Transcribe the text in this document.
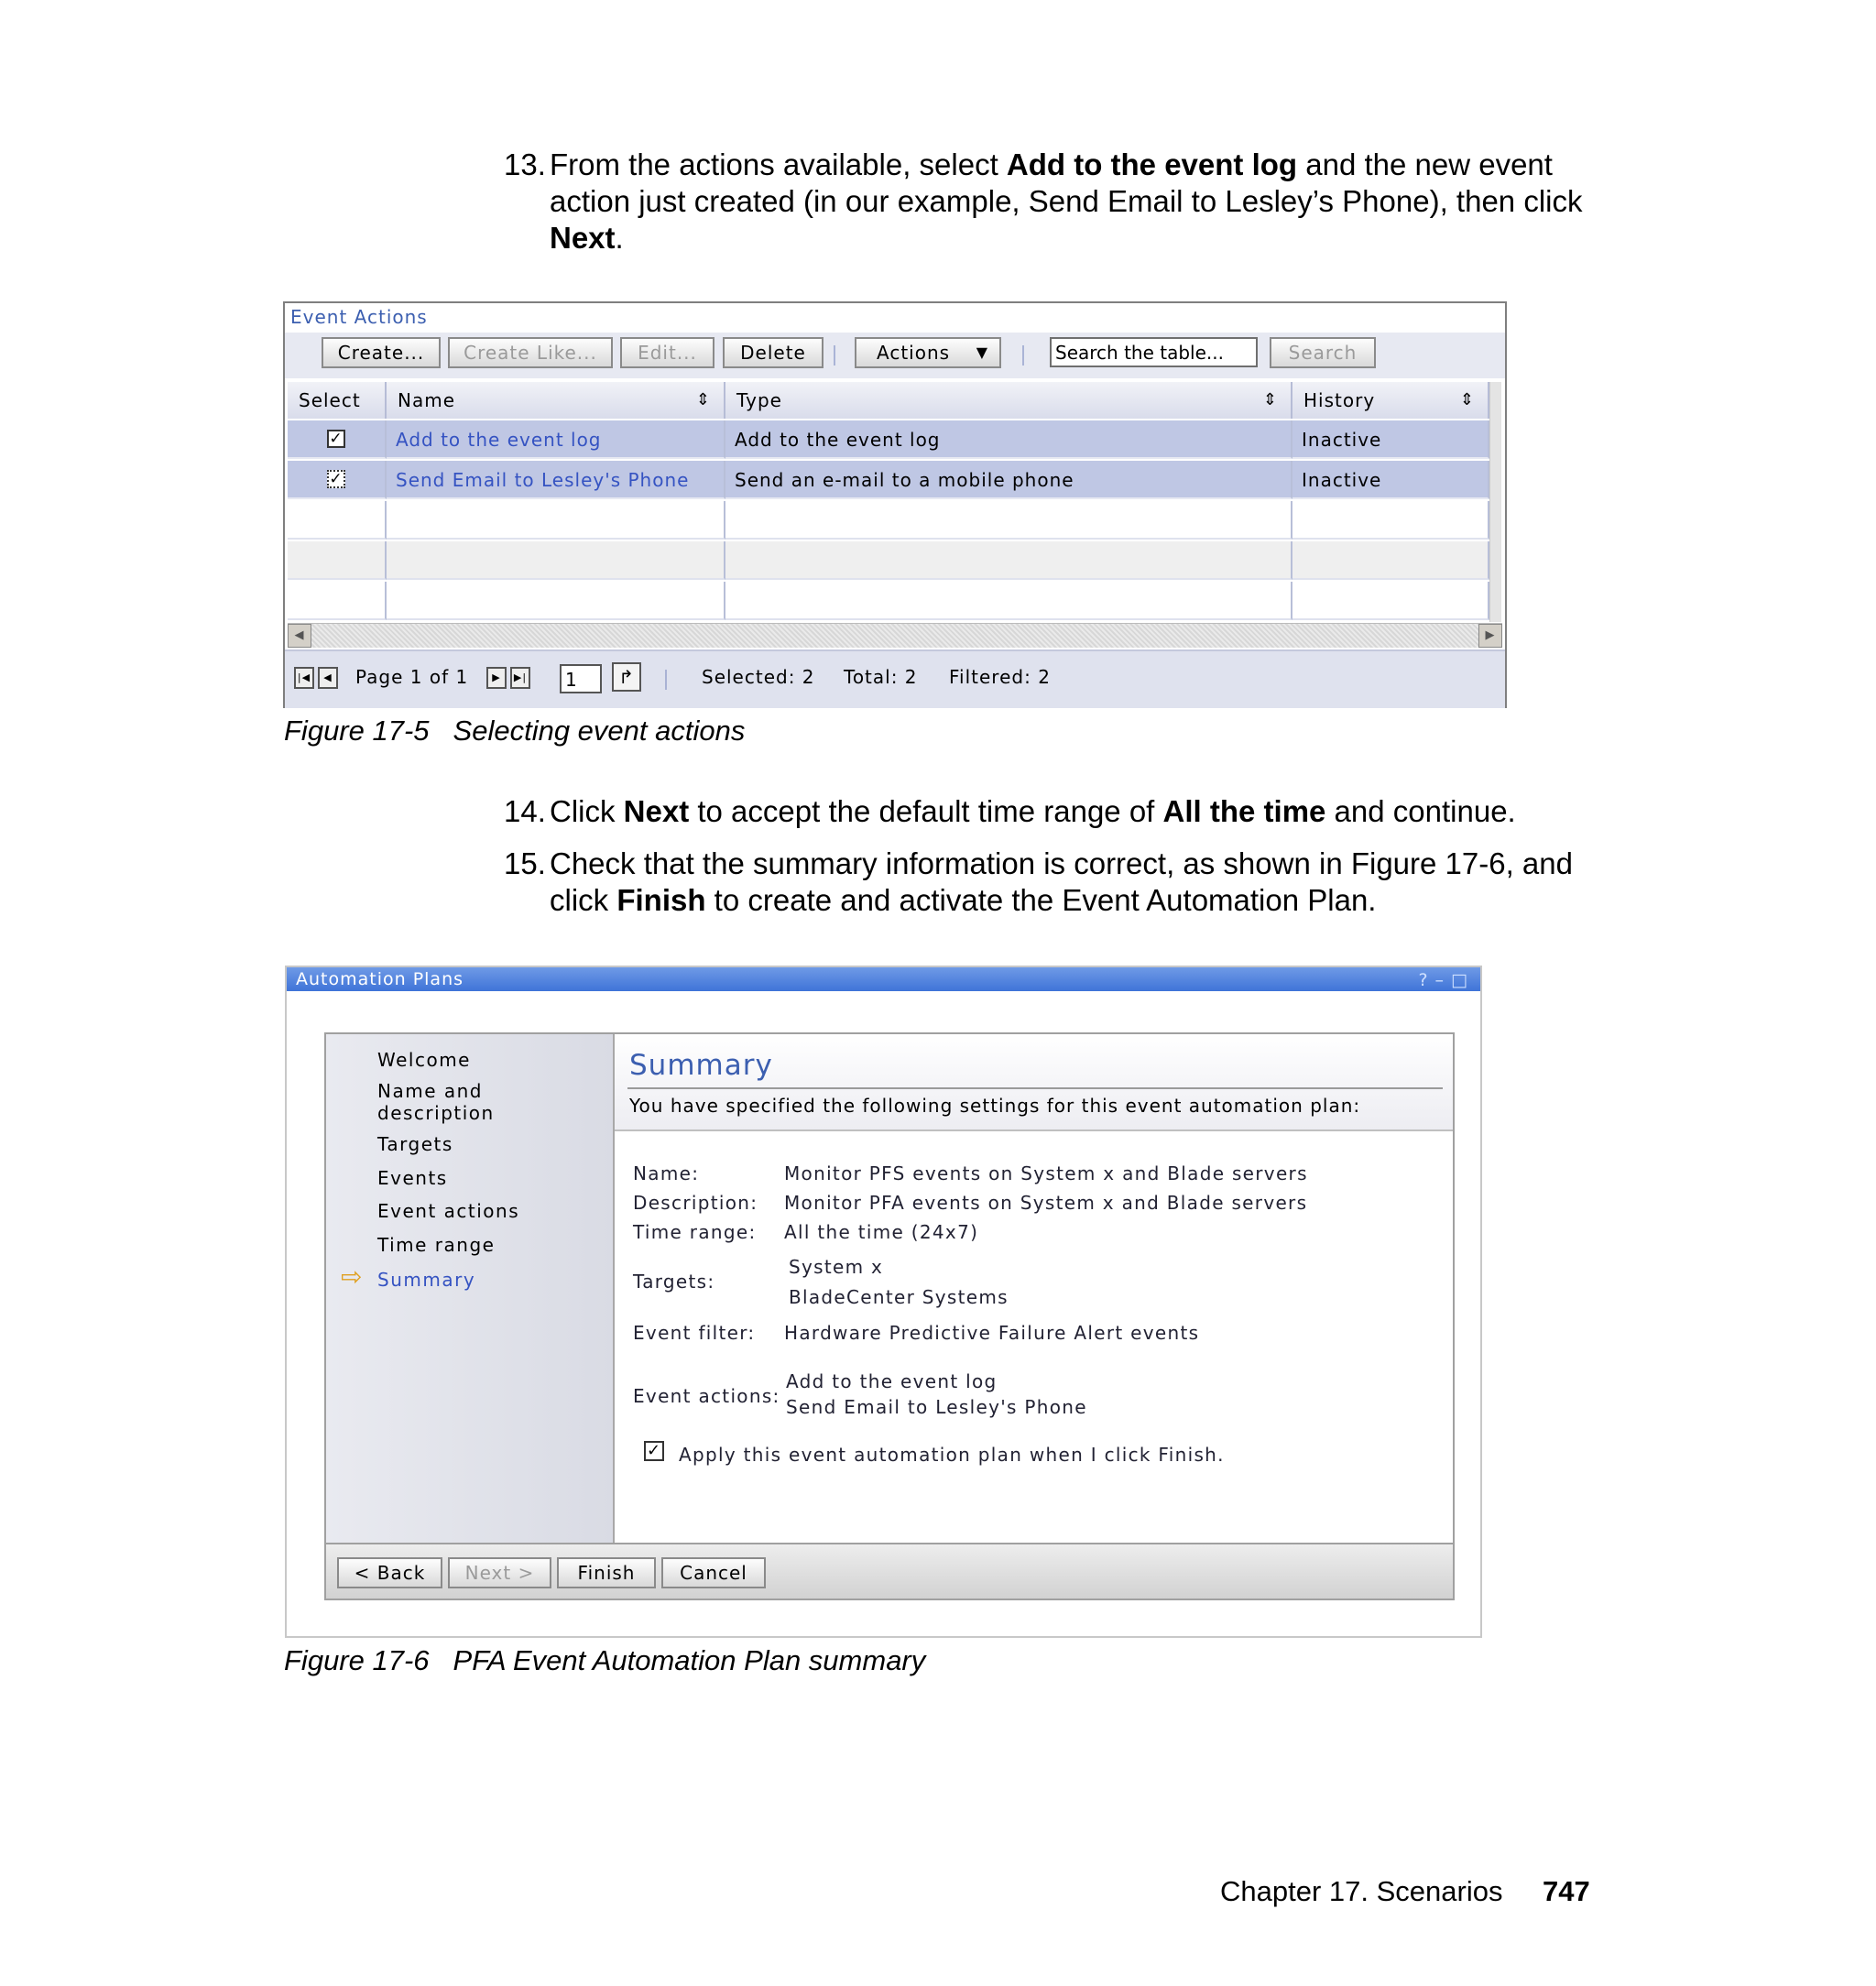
13. From the actions available, select Add to the event log and the new event action just created (in our example, Send Email to Lesley’s Phone), then click Next.
Event Actions
Create...	Create Like...	Edit...	Delete	Actions ▼
Search the table...	Search
Select	Name	⇕	Type	⇕	History	⇕
✓	Add to the event log	Add to the event log	Inactive
✓	Send Email to Lesley's Phone	Send an e-mail to a mobile phone	Inactive
◀	▶
|◀	◀	Page 1 of 1	▶	▶|	1	↱	Selected: 2 Total: 2 Filtered: 2
Figure 17-5 Selecting event actions
14. Click Next to accept the default time range of All the time and continue.
15. Check that the summary information is correct, as shown in Figure 17-6, and click Finish to create and activate the Event Automation Plan.
Automation Plans	?–□
Welcome
Name and description
Targets
Events
Event actions
Time range
⇨ Summary
Summary
You have specified the following settings for this event automation plan:
Name:	Monitor PFS events on System x and Blade servers
Description: Monitor PFA events on System x and Blade servers
Time range: All the time (24x7)
Targets:
System x
BladeCenter Systems
Event filter: Hardware Predictive Failure Alert events
Event actions:
Add to the event log
Send Email to Lesley's Phone
✓ Apply this event automation plan when I click Finish.
< Back	Next >	Finish	Cancel
Figure 17-6 PFA Event Automation Plan summary
Chapter 17. Scenarios 747
